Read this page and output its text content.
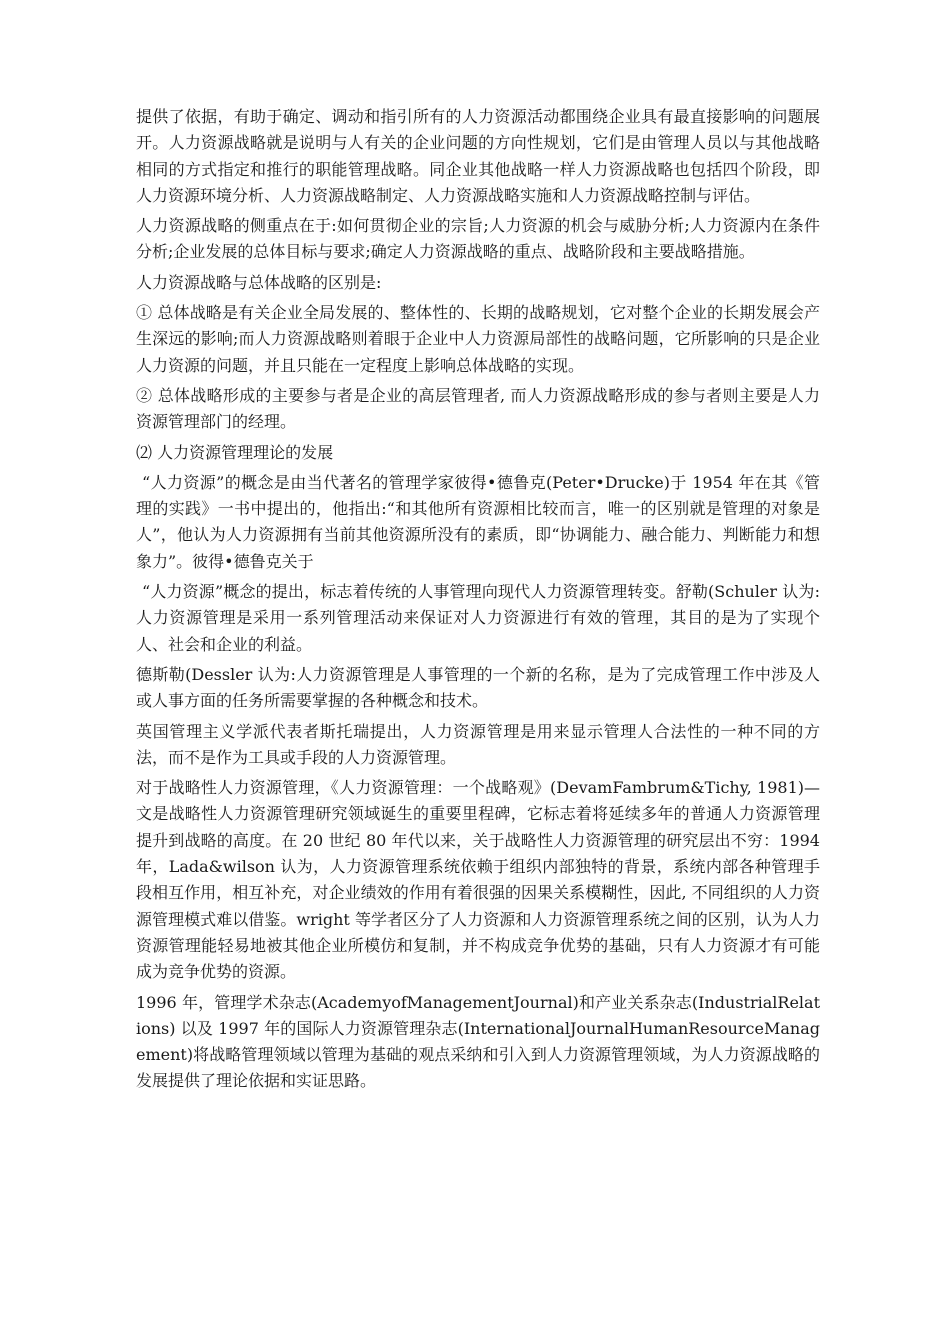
提供了依据，有助于确定、调动和指引所有的人力资源活动都围绕企业具有最直接影响的问题展开。人力资源战略就是说明与人有关的企业问题的方向性规划，它们是由管理人员以与其他战略相同的方式指定和推行的职能管理战略。同企业其他战略一样人力资源战略也包括四个阶段，即人力资源环境分析、人力资源战略制定、人力资源战略实施和人力资源战略控制与评估。

人力资源战略的侧重点在于:如何贯彻企业的宗旨;人力资源的机会与威胁分析;人力资源内在条件分析;企业发展的总体目标与要求;确定人力资源战略的重点、战略阶段和主要战略措施。

人力资源战略与总体战略的区别是:

① 总体战略是有关企业全局发展的、整体性的、长期的战略规划，它对整个企业的长期发展会产生深远的影响;而人力资源战略则着眼于企业中人力资源局部性的战略问题，它所影响的只是企业人力资源的问题，并且只能在一定程度上影响总体战略的实现。

② 总体战略形成的主要参与者是企业的高层管理者, 而人力资源战略形成的参与者则主要是人力资源管理部门的经理。

⑵ 人力资源管理理论的发展

“人力资源”的概念是由当代著名的管理学家彼得•德鲁克(Peter•Drucke)于 1954 年在其《管理的实践》一书中提出的，他指出:“和其他所有资源相比较而言，唯一的区别就是管理的对象是人”，他认为人力资源拥有当前其他资源所没有的素质，即“协调能力、融合能力、判断能力和想象力”。彼得•德鲁克关于

“人力资源”概念的提出，标志着传统的人事管理向现代人力资源管理转变。舒勒(Schuler 认为:人力资源管理是采用一系列管理活动来保证对人力资源进行有效的管理，其目的是为了实现个人、社会和企业的利益。

德斯勒(Dessler 认为:人力资源管理是人事管理的一个新的名称，是为了完成管理工作中涉及人或人事方面的任务所需要掌握的各种概念和技术。

英国管理主义学派代表者斯托瑞提出，人力资源管理是用来显示管理人合法性的一种不同的方法，而不是作为工具或手段的人力资源管理。

对于战略性人力资源管理，《人力资源管理：一个战略观》(DevamFambrum&Tichy, 1981)—文是战略性人力资源管理研究领域诞生的重要里程碑，它标志着将延续多年的普通人力资源管理提升到战略的高度。在 20 世纪 80 年代以来，关于战略性人力资源管理的研究层出不穷：1994 年，Lada&wilson 认为，人力资源管理系统依赖于组织内部独特的背景，系统内部各种管理手段相互作用，相互补充，对企业绩效的作用有着很强的因果关系模糊性，因此, 不同组织的人力资源管理模式难以借鉴。wright 等学者区分了人力资源和人力资源管理系统之间的区别，认为人力资源管理能轻易地被其他企业所模仿和复制，并不构成竞争优势的基础，只有人力资源才有可能成为竞争优势的资源。

1996 年，管理学术杂志(AcademyofManagementJournal)和产业关系杂志(IndustrialRelations) 以及 1997 年的国际人力资源管理杂志(InternationalJournalHumanResourceManagement)将战略管理领域以管理为基础的观点采纳和引入到人力资源管理领域，为人力资源战略的发展提供了理论依据和实证思路。
